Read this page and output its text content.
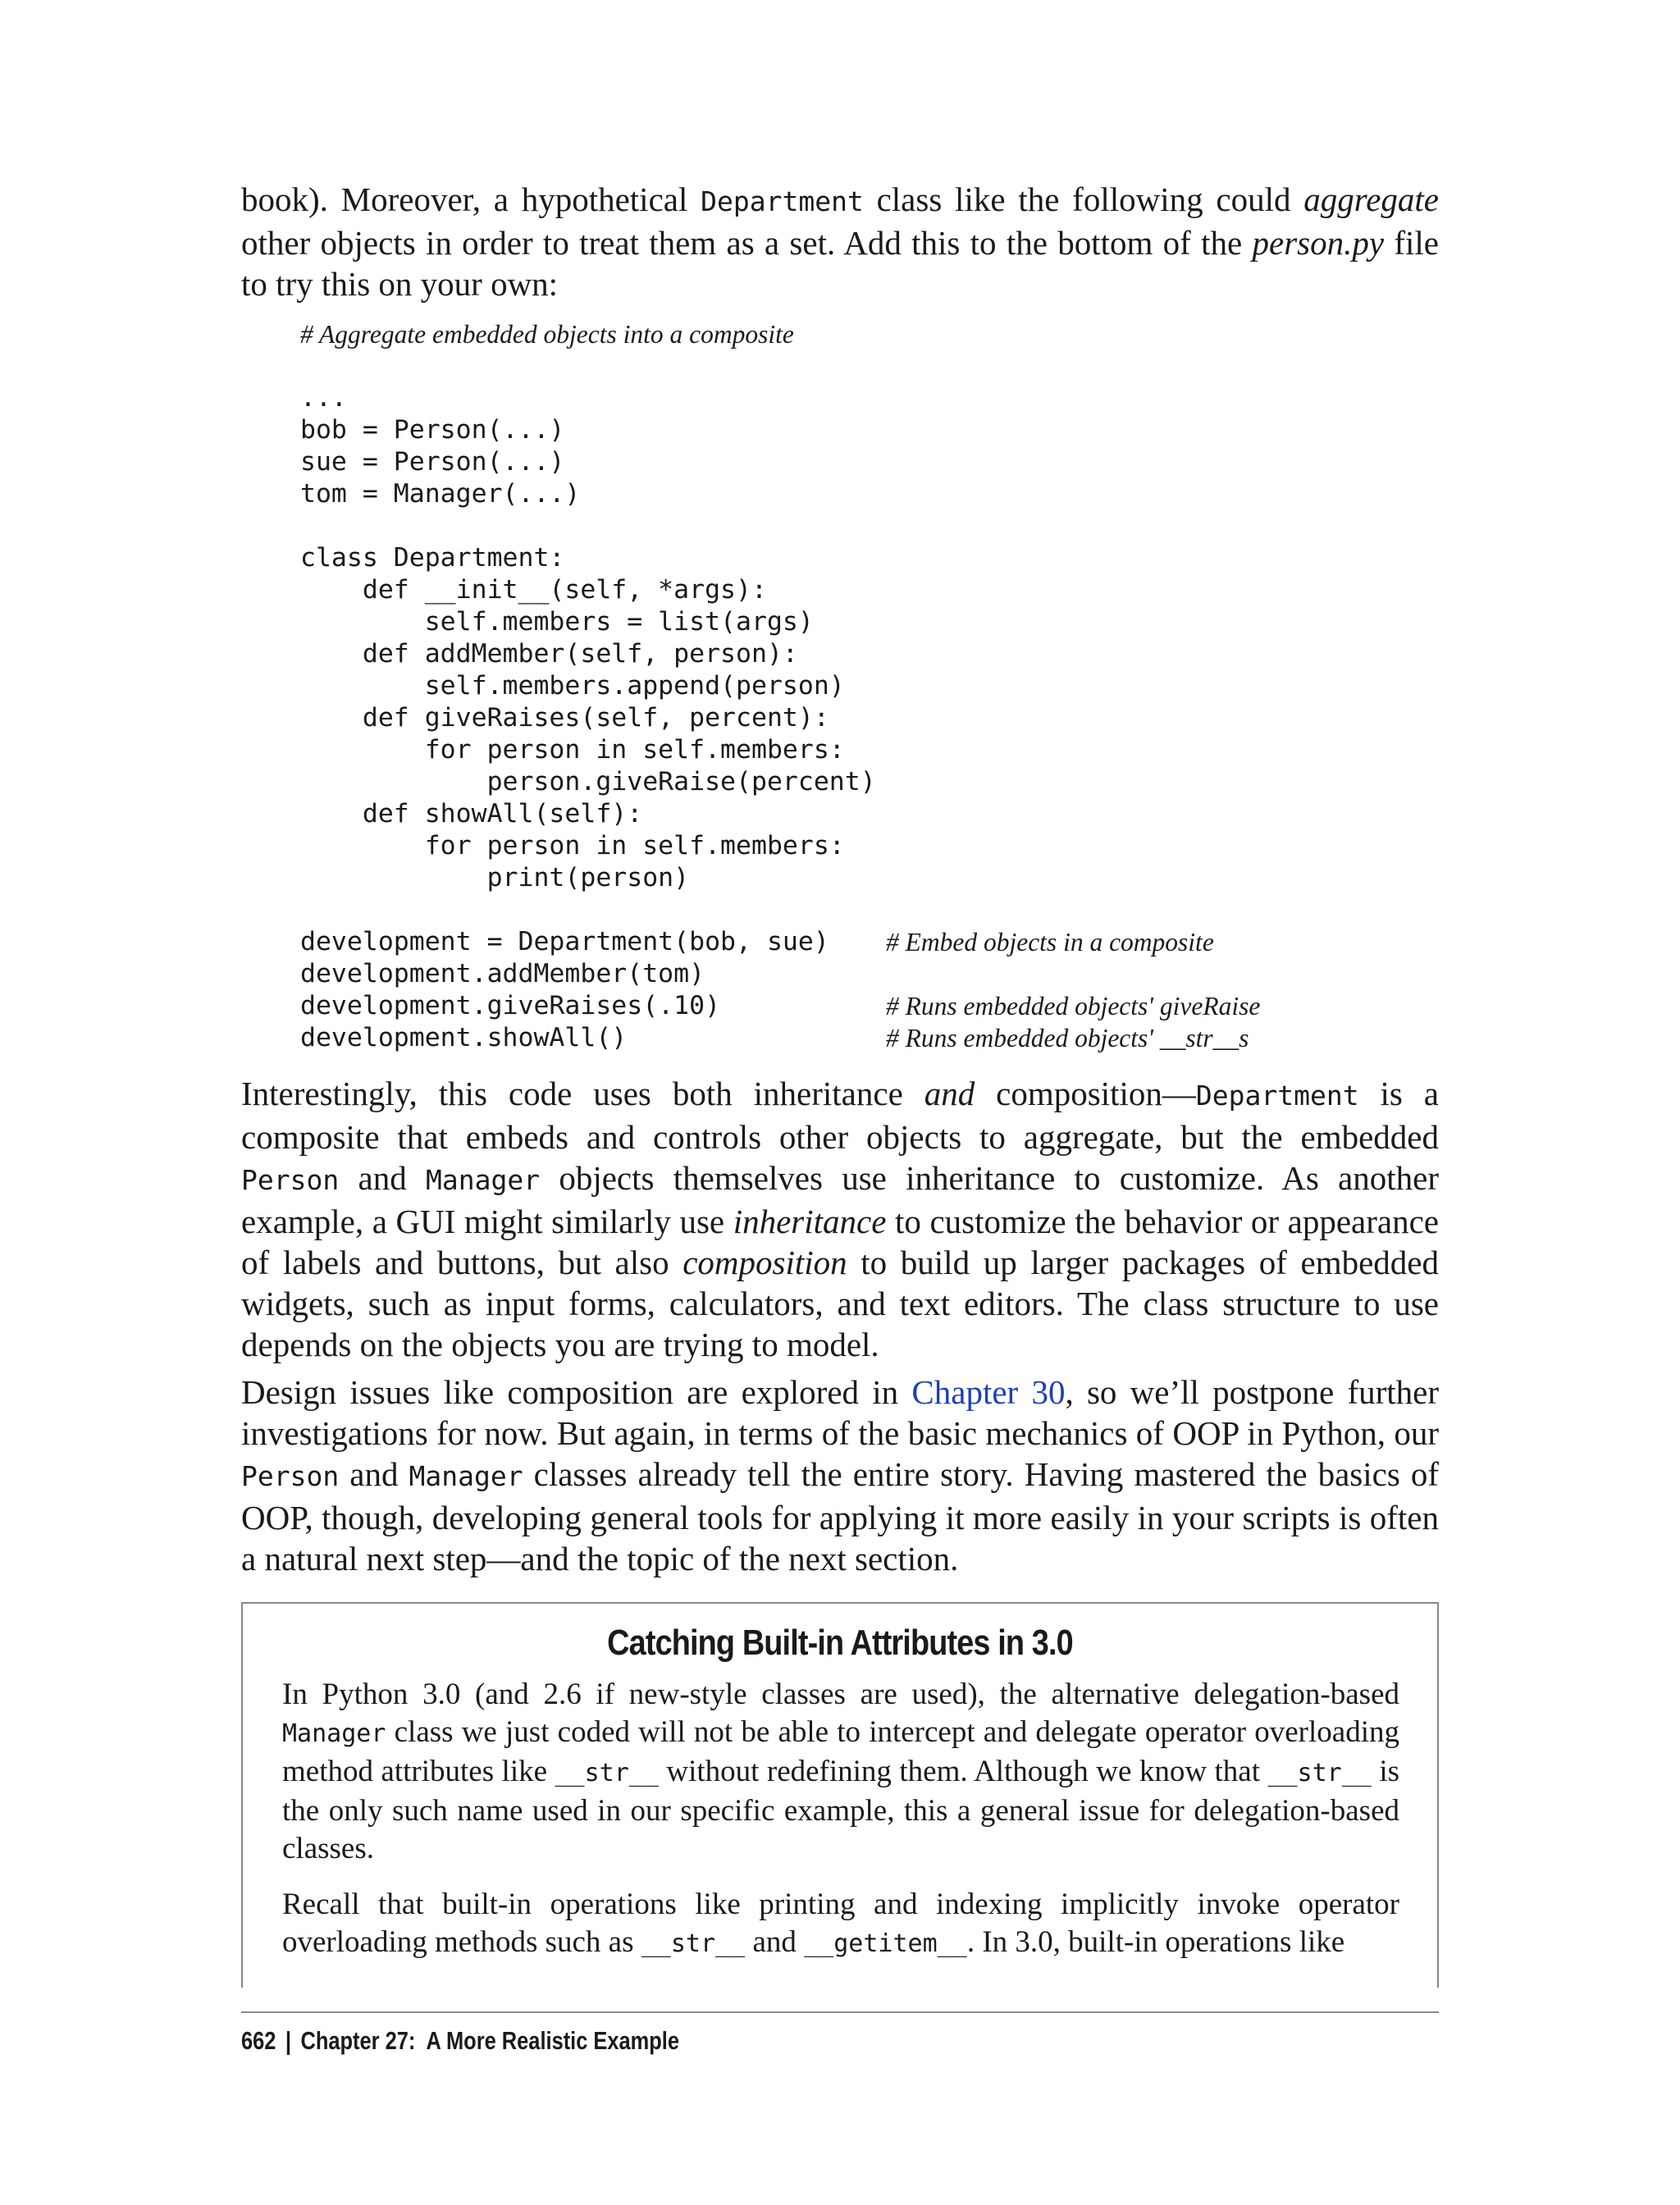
book). Moreover, a hypothetical Department class like the following could aggregate other objects in order to treat them as a set. Add this to the bottom of the person.py file to try this on your own:

# Aggregate embedded objects into a composite
...
bob = Person(...)
sue = Person(...)
tom = Manager(...)
class Department:
def __init__(self, *args):
self.members = list(args)
def addMember(self, person):
self.members.append(person)
def giveRaises(self, percent):
for person in self.members:
person.giveRaise(percent)
def showAll(self):
for person in self.members:
print(person)
development = Department(bob, sue)
development.addMember(tom)
development.giveRaises(.10)
development.showAll()
# Embed objects in a composite
# Runs embedded objects' giveRaise
# Runs embedded objects' __str__s

Interestingly, this code uses both inheritance and composition—Department is a composite that embeds and controls other objects to aggregate, but the embedded Person and Manager objects themselves use inheritance to customize. As another example, a GUI might similarly use inheritance to customize the behavior or appearance of labels and buttons, but also composition to build up larger packages of embedded widgets, such as input forms, calculators, and text editors. The class structure to use depends on the objects you are trying to model.

Design issues like composition are explored in Chapter 30, so we’ll postpone further investigations for now. But again, in terms of the basic mechanics of OOP in Python, our Person and Manager classes already tell the entire story. Having mastered the basics of OOP, though, developing general tools for applying it more easily in your scripts is often a natural next step—and the topic of the next section.

Catching Built-in Attributes in 3.0

In Python 3.0 (and 2.6 if new-style classes are used), the alternative delegation-based Manager class we just coded will not be able to intercept and delegate operator overloading method attributes like __str__ without redefining them. Although we know that __str__ is the only such name used in our specific example, this a general issue for delegation-based classes.

Recall that built-in operations like printing and indexing implicitly invoke operator overloading methods such as __str__ and __getitem__. In 3.0, built-in operations like

662 | Chapter 27:  A More Realistic Example
